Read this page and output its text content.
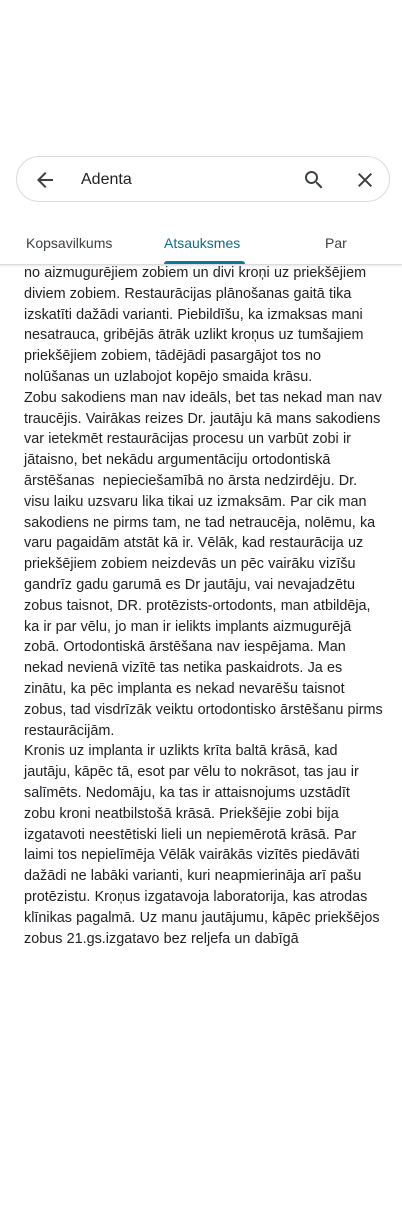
Adenta
Kopsavilkums	Atsauksmes	Par

no aizmugurējiem zobiem un divi kroņi uz priekšējiem diviem zobiem. Restaurācijas plānošanas gaitā tika izskatīti dažādi varianti. Piebildīšu, ka izmaksas mani nesatrauca, gribējās ātrāk uzlikt kroņus uz tumšajiem priekšējiem zobiem, tādējādi pasargājot tos no nolūšanas un uzlabojot kopējo smaida krāsu.

Zobu sakodiens man nav ideāls, bet tas nekad man nav traucējis. Vairākas reizes Dr. jautāju kā mans sakodiens var ietekmēt restaurācijas procesu un varbūt zobi ir jātaisno, bet nekādu argumentāciju ortodontiskā ārstēšanas  nepieciešamībā no ārsta nedzirdēju. Dr. visu laiku uzsvaru lika tikai uz izmaksām. Par cik man sakodiens ne pirms tam, ne tad netraucēja, nolēmu, ka varu pagaidām atstāt kā ir. Vēlāk, kad restaurācija uz priekšējiem zobiem neizdevās un pēc vairāku vizīšu gandrīz gadu garumā es Dr jautāju, vai nevajadzētu zobus taisnot, DR. protēzists-ortodonts, man atbildēja, ka ir par vēlu, jo man ir ielikts implants aizmugurējā zobā. Ortodontiskā ārstēšana nav iespējama. Man nekad nevienā vizītē tas netika paskaidrots. Ja es zinātu, ka pēc implanta es nekad nevarēšu taisnot zobus, tad visdrīzāk veiktu ortodontisko ārstēšanu pirms restaurācijām.

Kronis uz implanta ir uzlikts krīta baltā krāsā, kad jautāju, kāpēc tā, esot par vēlu to nokrāsot, tas jau ir salīmēts. Nedomāju, ka tas ir attaisnojums uzstādīt zobu kroni neatbilstošā krāsā. Priekšējie zobi bija izgatavoti neestētiski lieli un nepiemērotā krāsā. Par laimi tos nepielīmēja Vēlāk vairākās vizītēs piedāvāti dažādi ne labāki varianti, kuri neapmierināja arī pašu protēzistu. Kroņus izgatavoja laboratorija, kas atrodas klīnikas pagalmā. Uz manu jautājumu, kāpēc priekšējos zobus 21.gs.izgatavo bez reljefa un dabīgā
